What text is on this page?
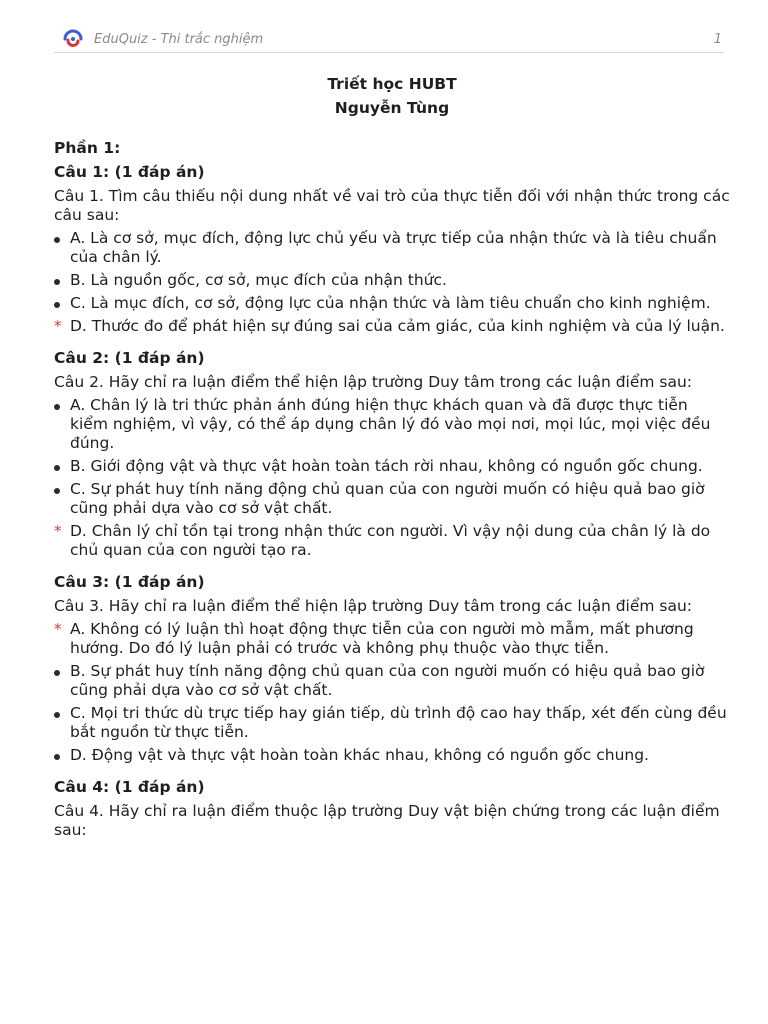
EduQuiz - Thi trắc nghiệm	1
Triết học HUBT
Nguyễn Tùng
Phần 1:
Câu 1: (1 đáp án)
Câu 1. Tìm câu thiếu nội dung nhất về vai trò của thực tiễn đối với nhận thức trong các câu sau:
A. Là cơ sở, mục đích, động lực chủ yếu và trực tiếp của nhận thức và là tiêu chuẩn của chân lý.
B. Là nguồn gốc, cơ sở, mục đích của nhận thức.
C. Là mục đích, cơ sở, động lực của nhận thức và làm tiêu chuẩn cho kinh nghiệm.
* D. Thước đo để phát hiện sự đúng sai của cảm giác, của kinh nghiệm và của lý luận.
Câu 2: (1 đáp án)
Câu 2. Hãy chỉ ra luận điểm thể hiện lập trường Duy tâm trong các luận điểm sau:
A. Chân lý là tri thức phản ánh đúng hiện thực khách quan và đã được thực tiễn kiểm nghiệm, vì vậy, có thể áp dụng chân lý đó vào mọi nơi, mọi lúc, mọi việc đều đúng.
B. Giới động vật và thực vật hoàn toàn tách rời nhau, không có nguồn gốc chung.
C. Sự phát huy tính năng động chủ quan của con người muốn có hiệu quả bao giờ cũng phải dựa vào cơ sở vật chất.
* D. Chân lý chỉ tồn tại trong nhận thức con người. Vì vậy nội dung của chân lý là do chủ quan của con người tạo ra.
Câu 3: (1 đáp án)
Câu 3. Hãy chỉ ra luận điểm thể hiện lập trường Duy tâm trong các luận điểm sau:
* A. Không có lý luận thì hoạt động thực tiễn của con người mò mẫm, mất phương hướng. Do đó lý luận phải có trước và không phụ thuộc vào thực tiễn.
B. Sự phát huy tính năng động chủ quan của con người muốn có hiệu quả bao giờ cũng phải dựa vào cơ sở vật chất.
C. Mọi tri thức dù trực tiếp hay gián tiếp, dù trình độ cao hay thấp, xét đến cùng đều bắt nguồn từ thực tiễn.
D. Động vật và thực vật hoàn toàn khác nhau, không có nguồn gốc chung.
Câu 4: (1 đáp án)
Câu 4. Hãy chỉ ra luận điểm thuộc lập trường Duy vật biện chứng trong các luận điểm sau:
